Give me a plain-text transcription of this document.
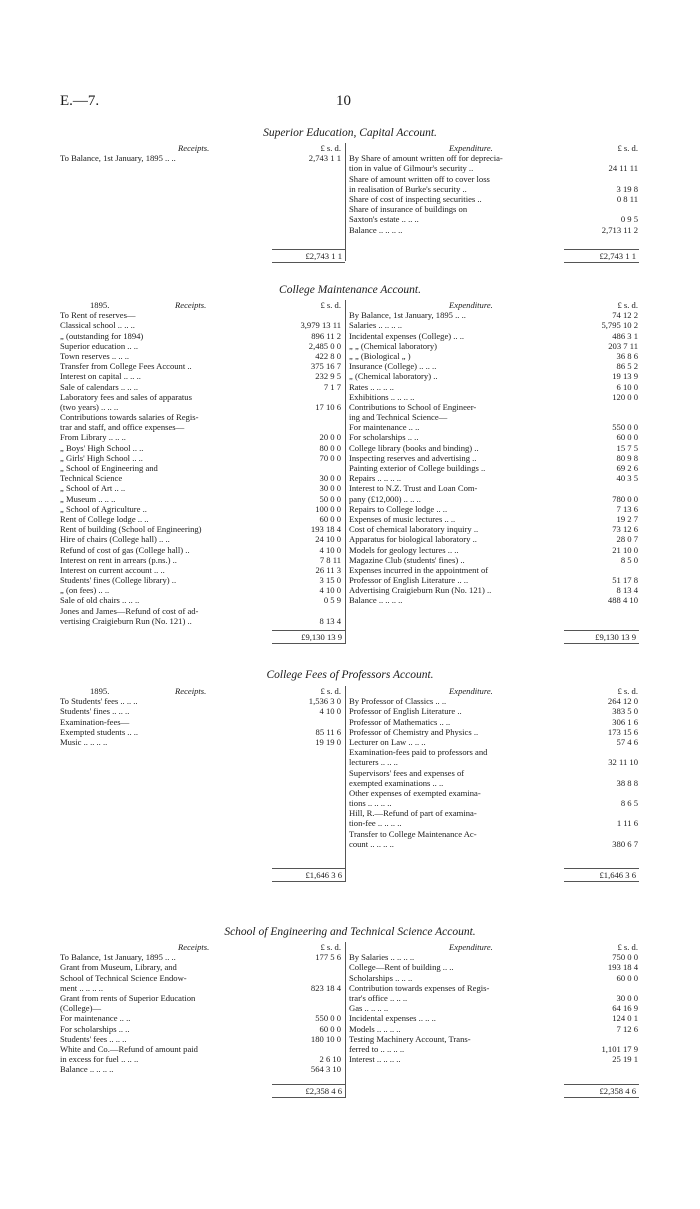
E.—7.	10
Superior Education, Capital Account.
Receipts.	£ s. d.
To Balance, 1st January, 1895 .. ..	2,743 1 1
Expenditure.	£ s. d.
By Share of amount written off for deprecia-
tion in value of Gilmour's security ..	24 11 11
Share of amount written off to cover loss
in realisation of Burke's security ..	3 19 8
Share of cost of inspecting securities ..	0 8 11
Share of insurance of buildings on
Saxton's estate .. .. ..	0 9 5
Balance .. .. .. ..	2,713 11 2
£2,743 1 1	£2,743 1 1
College Maintenance Account.
1895.	Receipts.	£ s. d.
To Rent of reserves—
Classical school .. .. ..	3,979 13 11
„ (outstanding for 1894)	896 11 2
Superior education .. ..	2,485 0 0
Town reserves .. .. ..	422 8 0
Transfer from College Fees Account ..	375 16 7
Interest on capital .. .. ..	232 9 5
Sale of calendars .. .. ..	7 1 7
Laboratory fees and sales of apparatus
(two years) .. .. ..	17 10 6
Contributions towards salaries of Regis-
trar and staff, and office expenses—
From Library .. .. ..	20 0 0
„ Boys' High School .. ..	80 0 0
„ Girls' High School .. ..	70 0 0
„ School of Engineering and
Technical Science	30 0 0
„ School of Art .. ..	30 0 0
„ Museum .. .. ..	50 0 0
„ School of Agriculture ..	100 0 0
Rent of College lodge .. ..	60 0 0
Rent of building (School of Engineering)	193 18 4
Hire of chairs (College hall) .. ..	24 10 0
Refund of cost of gas (College hall) ..	4 10 0
Interest on rent in arrears (p.ns.) ..	7 8 11
Interest on current account .. ..	26 11 3
Students' fines (College library) ..	3 15 0
„ (on fees) .. ..	4 10 0
Sale of old chairs .. .. ..	0 5 9
Jones and James—Refund of cost of ad-
vertising Craigieburn Run (No. 121) ..	8 13 4
Expenditure.	£ s. d.
By Balance, 1st January, 1895 .. ..	74 12 2
Salaries .. .. .. ..	5,795 10 2
Incidental expenses (College) .. ..	486 3 1
„ „ (Chemical laboratory)	203 7 11
„ „ (Biological „ )	36 8 6
Insurance (College) .. .. ..	86 5 2
„ (Chemical laboratory) ..	19 13 9
Rates .. .. .. ..	6 10 0
Exhibitions .. .. .. ..	120 0 0
Contributions to School of Engineer-
ing and Technical Science—
For maintenance .. ..	550 0 0
For scholarships .. ..	60 0 0
College library (books and binding) ..	15 7 5
Inspecting reserves and advertising ..	80 9 8
Painting exterior of College buildings ..	69 2 6
Repairs .. .. .. ..	40 3 5
Interest to N.Z. Trust and Loan Com-
pany (£12,000) .. .. ..	780 0 0
Repairs to College lodge .. ..	7 13 6
Expenses of music lectures .. ..	19 2 7
Cost of chemical laboratory inquiry ..	73 12 6
Apparatus for biological laboratory ..	28 0 7
Models for geology lectures .. ..	21 10 0
Magazine Club (students' fines) ..	8 5 0
Expenses incurred in the appointment of
Professor of English Literature .. ..	51 17 8
Advertising Craigieburn Run (No. 121) ..	8 13 4
Balance .. .. .. ..	488 4 10
£9,130 13 9	£9,130 13 9
College Fees of Professors Account.
1895.	Receipts.	£ s. d.
To Students' fees .. .. ..	1,536 3 0
Students' fines .. .. ..	4 10 0
Examination-fees—
Exempted students .. ..	85 11 6
Music .. .. .. ..	19 19 0
Expenditure.	£ s. d.
By Professor of Classics .. ..	264 12 0
Professor of English Literature ..	383 5 0
Professor of Mathematics .. ..	306 1 6
Professor of Chemistry and Physics ..	173 15 6
Lecturer on Law .. .. ..	57 4 6
Examination-fees paid to professors and
lecturers .. .. ..	32 11 10
Supervisors' fees and expenses of
exempted examinations .. ..	38 8 8
Other expenses of exempted examina-
tions .. .. .. ..	8 6 5
Hill, R.—Refund of part of examina-
tion-fee .. .. .. ..	1 11 6
Transfer to College Maintenance Ac-
count .. .. .. ..	380 6 7
£1,646 3 6	£1,646 3 6
School of Engineering and Technical Science Account.
Receipts.	£ s. d.
To Balance, 1st January, 1895 .. ..	177 5 6
Grant from Museum, Library, and
School of Technical Science Endow-
ment .. .. .. ..	823 18 4
Grant from rents of Superior Education
(College)—
For maintenance .. ..	550 0 0
For scholarships .. ..	60 0 0
Students' fees .. .. ..	180 10 0
White and Co.—Refund of amount paid
in excess for fuel .. .. ..	2 6 10
Balance .. .. .. ..	564 3 10
Expenditure.	£ s. d.
By Salaries .. .. .. ..	750 0 0
College—Rent of building .. ..	193 18 4
Scholarships .. .. ..	60 0 0
Contribution towards expenses of Regis-
trar's office .. .. ..	30 0 0
Gas .. .. .. ..	64 16 9
Incidental expenses .. .. ..	124 0 1
Models .. .. .. ..	7 12 6
Testing Machinery Account, Trans-
ferred to .. .. .. ..	1,101 17 9
Interest .. .. .. ..	25 19 1
£2,358 4 6	£2,358 4 6
